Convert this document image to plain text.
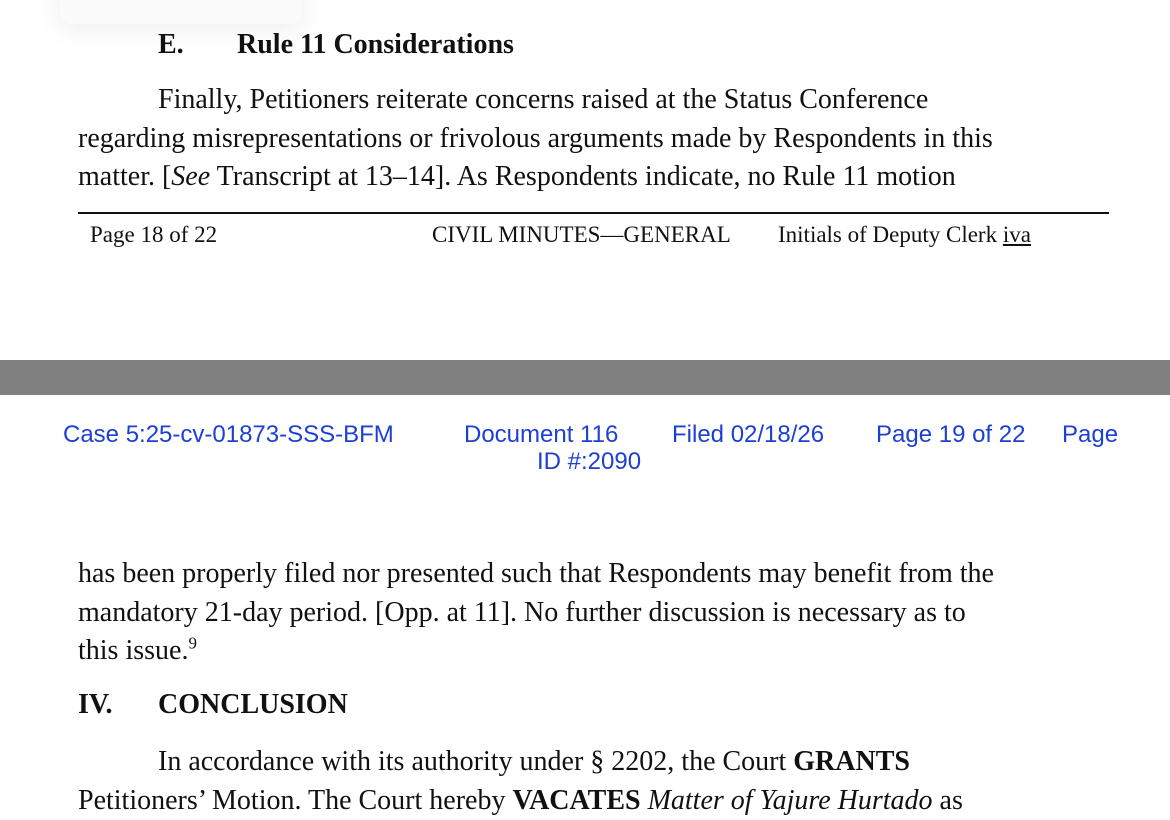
E. Rule 11 Considerations
Finally, Petitioners reiterate concerns raised at the Status Conference
regarding misrepresentations or frivolous arguments made by Respondents in this
matter. [See Transcript at 13–14]. As Respondents indicate, no Rule 11 motion
Page 18 of 22	CIVIL MINUTES—GENERAL Initials of Deputy Clerk iva
Case 5:25-cv-01873-SSS-BFM	Document 116 Filed 02/18/26 Page 19 of 22 Page
ID #:2090
has been properly filed nor presented such that Respondents may benefit from the
mandatory 21-day period. [Opp. at 11]. No further discussion is necessary as to
this issue.$^9$
IV. CONCLUSION
In accordance with its authority under § 2202, the Court GRANTS
Petitioners’ Motion. The Court hereby VACATES Matter of Yajure Hurtado as
